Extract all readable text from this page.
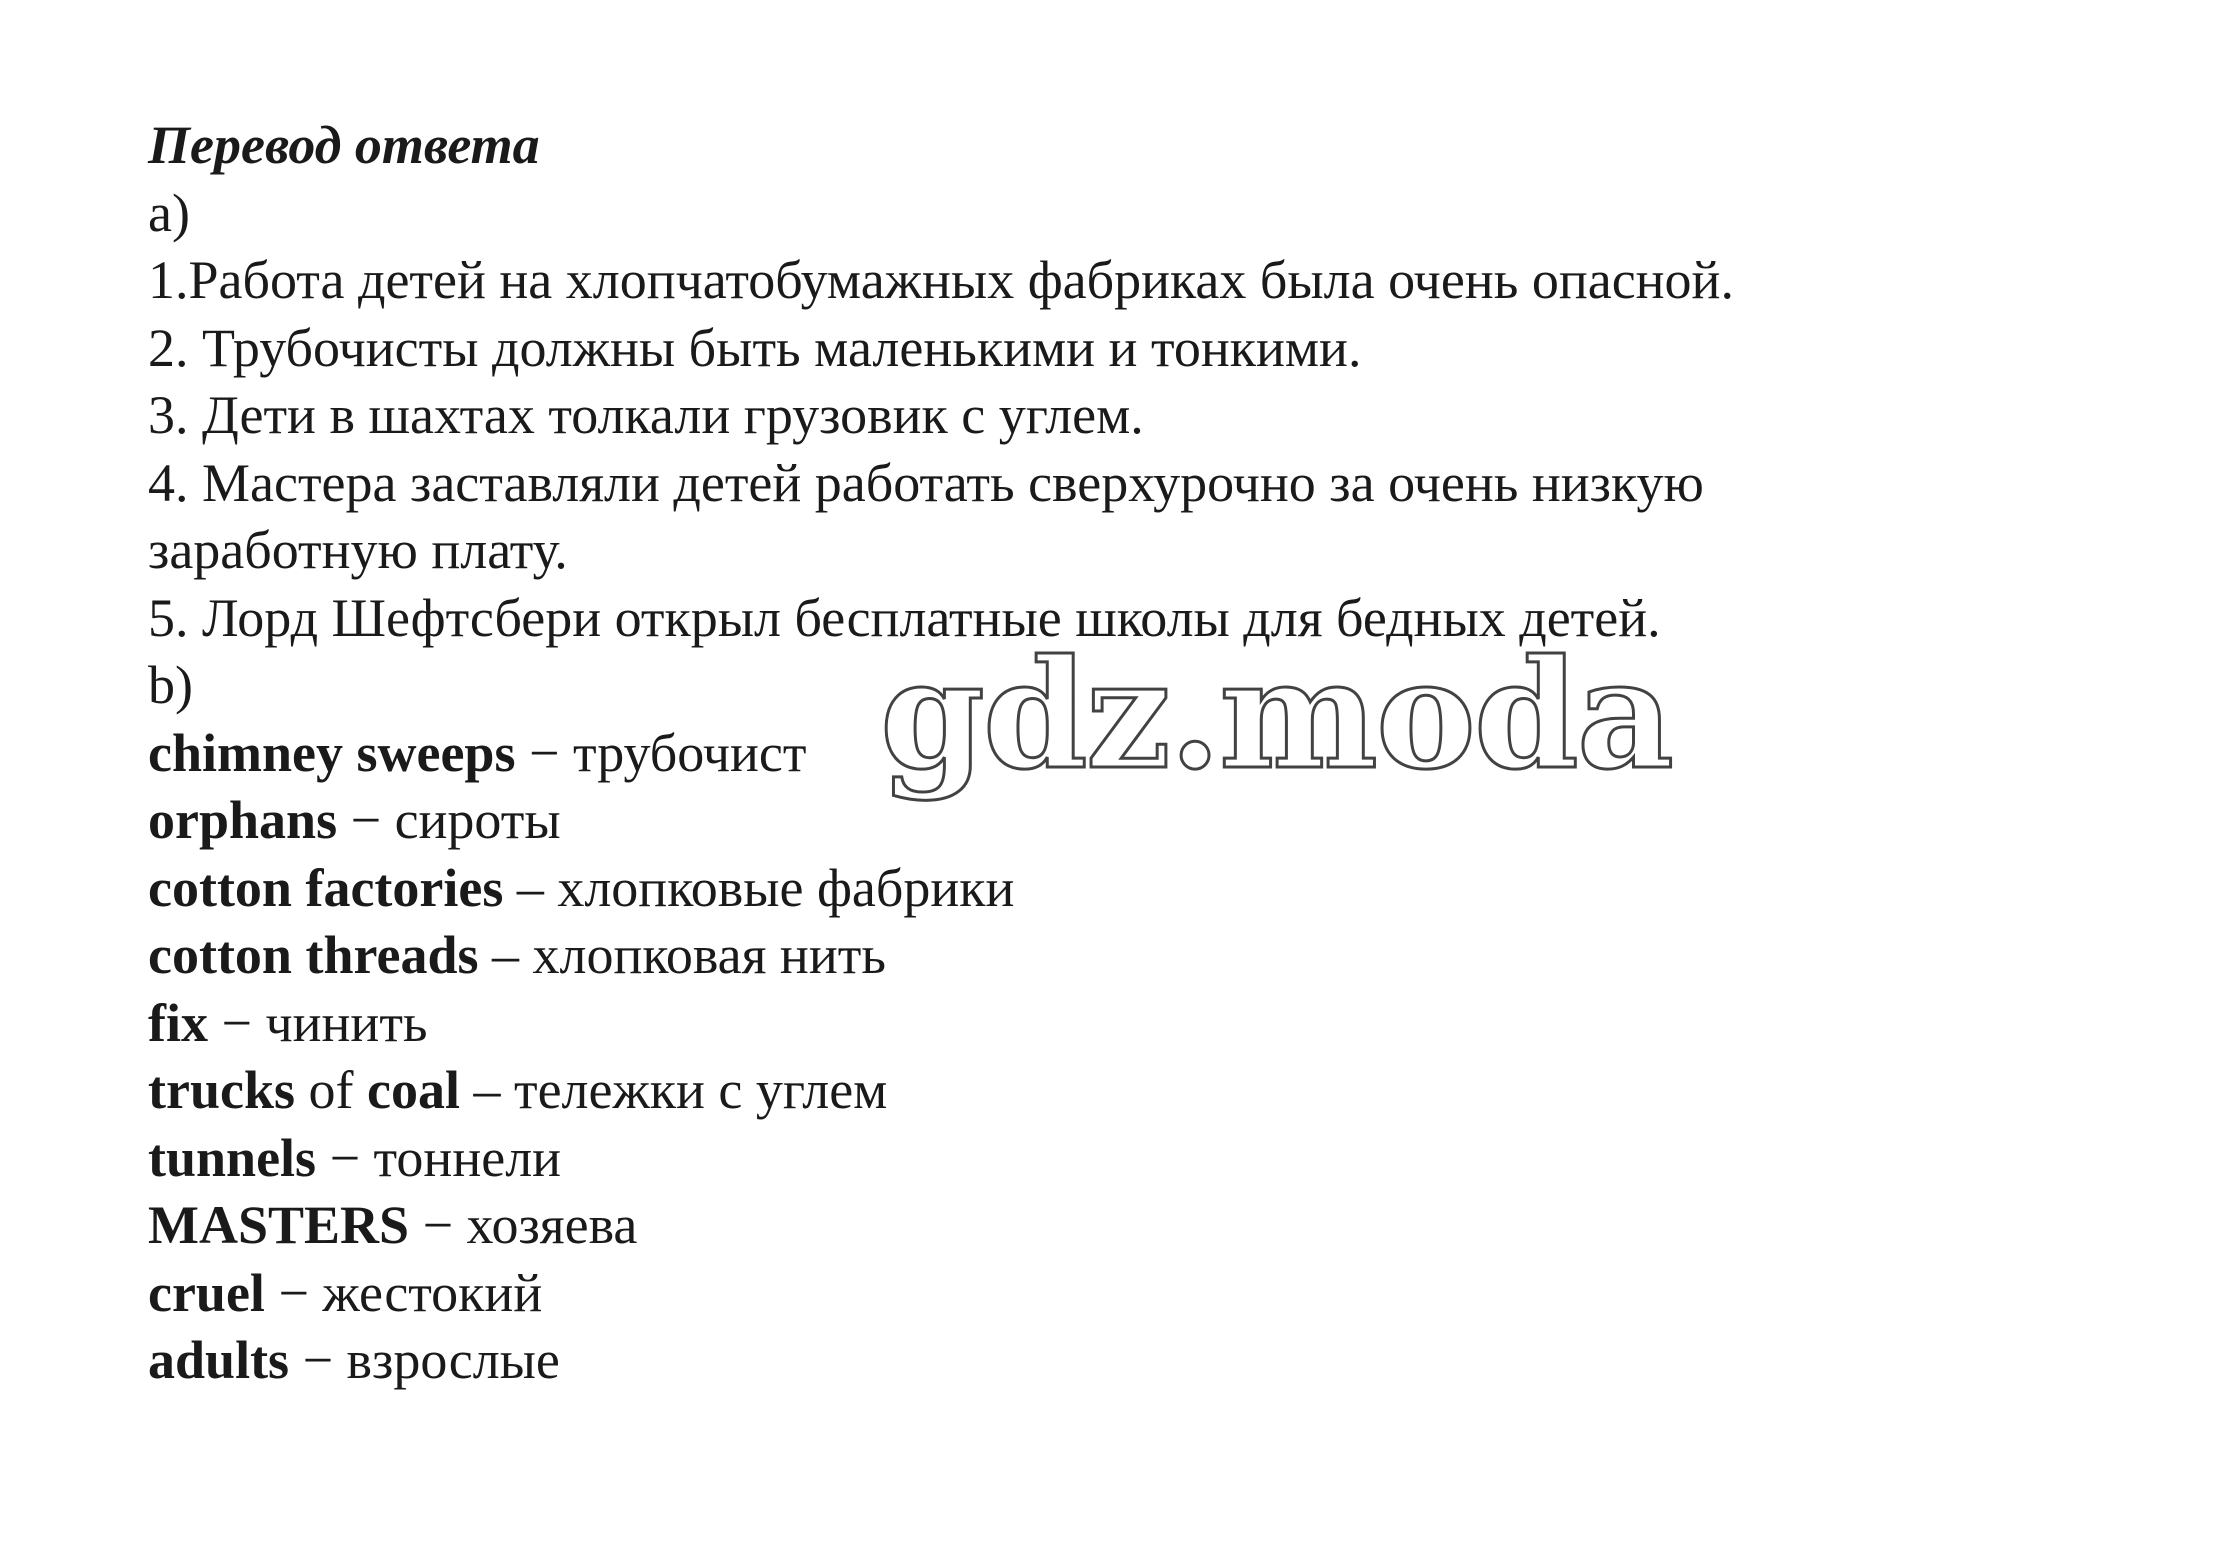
Перевод ответа
a)
1.Работа детей на хлопчатобумажных фабриках была очень опасной.
2. Трубочисты должны быть маленькими и тонкими.
3. Дети в шахтах толкали грузовик с углем.
4. Мастера заставляли детей работать сверхурочно за очень низкую
заработную плату.
5. Лорд Шефтсбери открыл бесплатные школы для бедных детей.
b)
chimney sweeps − трубочист
orphans − сироты
cotton factories – хлопковые фабрики
cotton threads – хлопковая нить
fix − чинить
trucks of coal – тележки с углем
tunnels − тоннели
MASTERS − хозяева
cruel − жестокий
adults − взрослые
gdz.moda
